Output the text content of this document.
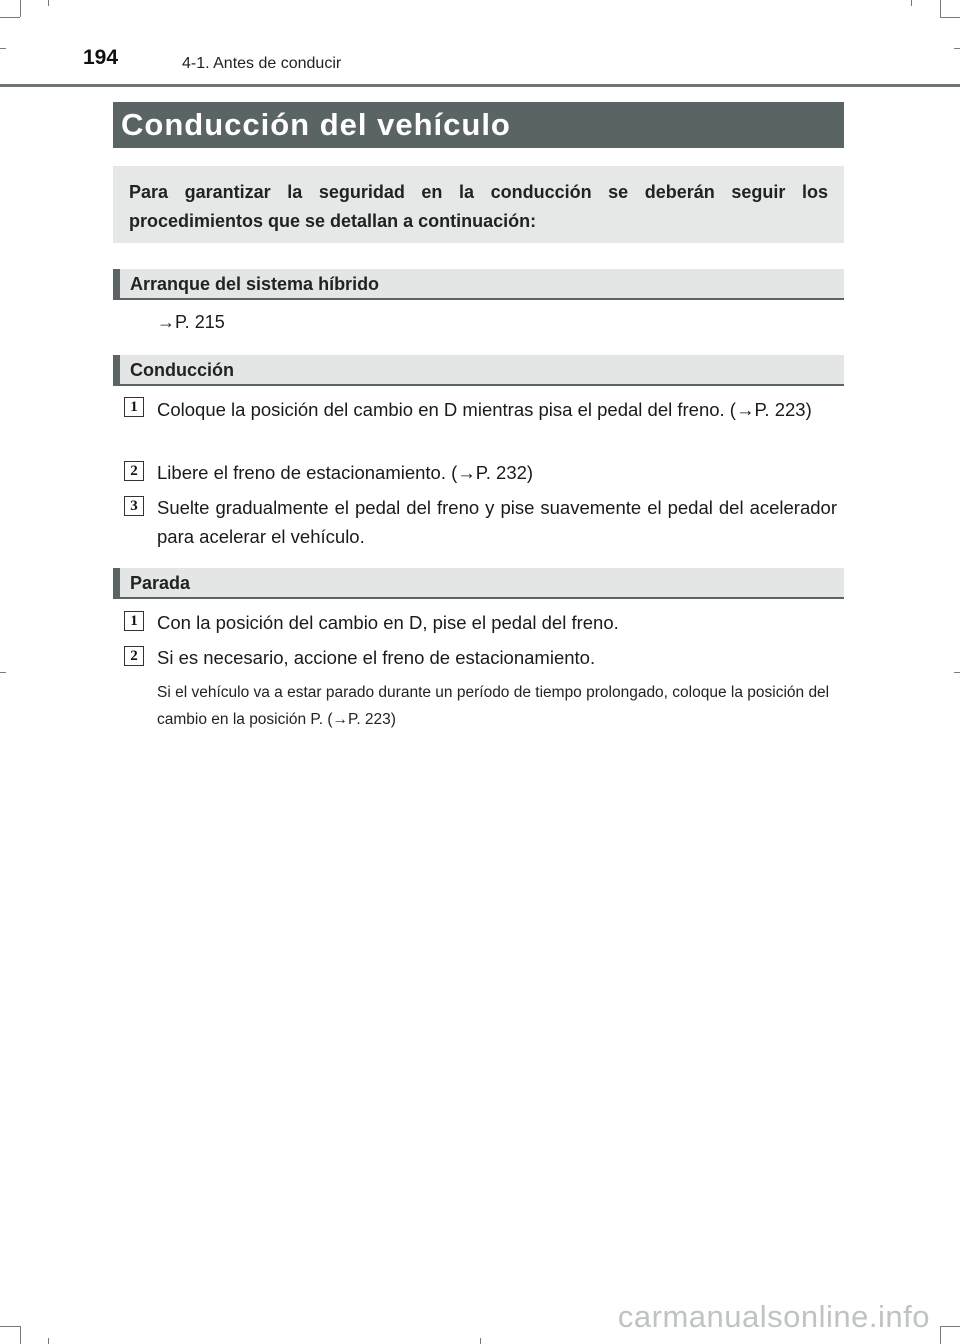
194	4-1. Antes de conducir
Conducción del vehículo
Para garantizar la seguridad en la conducción se deberán seguir los procedimientos que se detallan a continuación:
Arranque del sistema híbrido
→P. 215
Conducción
1	Coloque la posición del cambio en D mientras pisa el pedal del freno. (→P. 223)
2	Libere el freno de estacionamiento. (→P. 232)
3	Suelte gradualmente el pedal del freno y pise suavemente el pedal del acelerador para acelerar el vehículo.
Parada
1	Con la posición del cambio en D, pise el pedal del freno.
2	Si es necesario, accione el freno de estacionamiento.
Si el vehículo va a estar parado durante un período de tiempo prolongado, coloque la posición del cambio en la posición P. (→P. 223)
carmanualsonline.info
